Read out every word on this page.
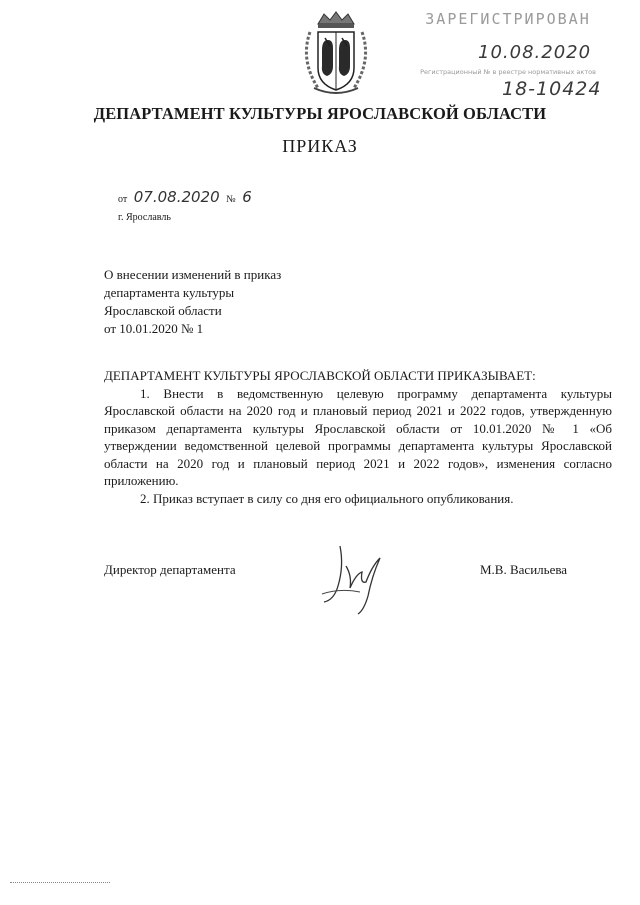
ЗАРЕГИСТРИРОВАН
10.08.2020
Регистрационный № в реестре нормативных актов
18-10424
ДЕПАРТАМЕНТ КУЛЬТУРЫ ЯРОСЛАВСКОЙ ОБЛАСТИ
ПРИКАЗ
от 07.08.2020 № 6
г. Ярославль
О внесении изменений в приказ
департамента культуры
Ярославской области
от 10.01.2020 № 1

ДЕПАРТАМЕНТ КУЛЬТУРЫ ЯРОСЛАВСКОЙ ОБЛАСТИ ПРИКАЗЫВАЕТ:

1. Внести в ведомственную целевую программу департамента культуры Ярославской области на 2020 год и плановый период 2021 и 2022 годов, утвержденную приказом департамента культуры Ярославской области от 10.01.2020 № 1 «Об утверждении ведомственной целевой программы департамента культуры Ярославской области на 2020 год и плановый период 2021 и 2022 годов», изменения согласно приложению.

2. Приказ вступает в силу со дня его официального опубликования.

Директор департамента	М.В. Васильева
